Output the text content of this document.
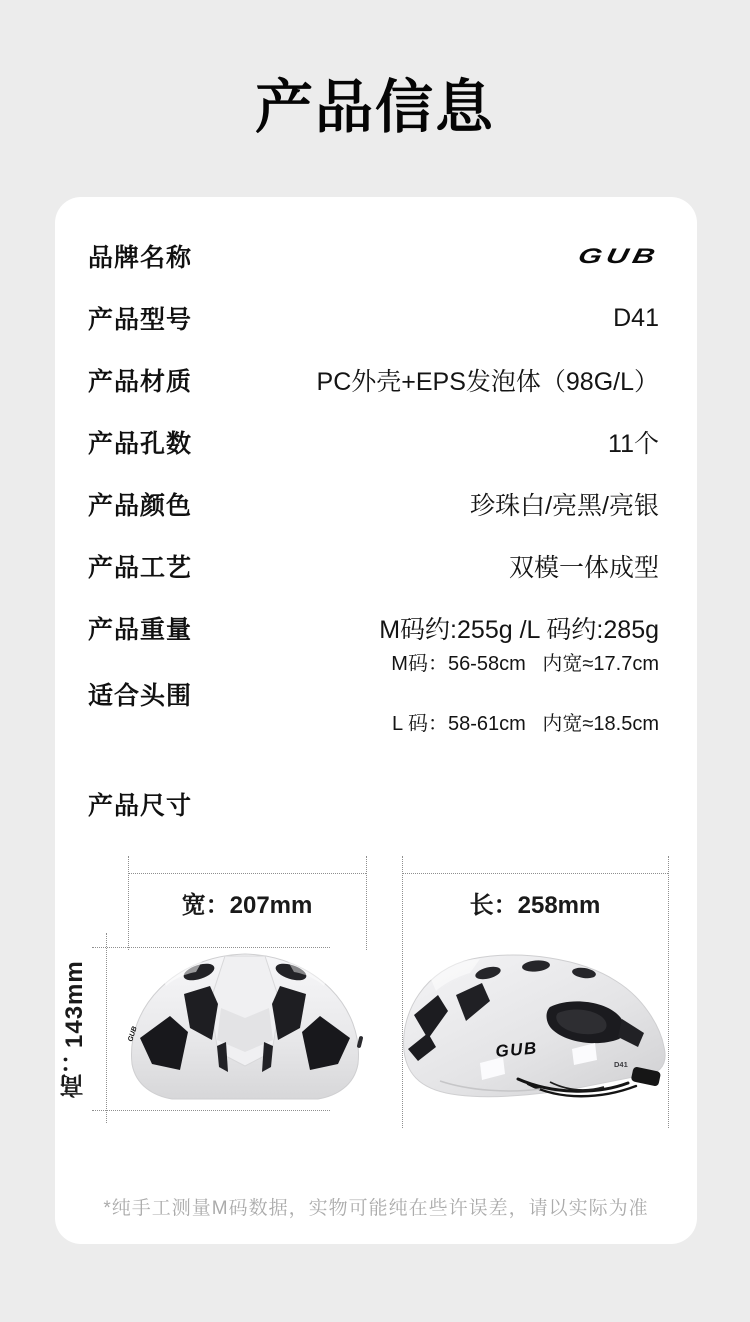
产品信息
品牌名称	GUB
产品型号	D41
产品材质	PC外壳+EPS发泡体（98G/L）
产品孔数	11个
产品颜色	珍珠白/亮黑/亮银
产品工艺	双模一体成型
产品重量	M码约:255g /L 码约:285g
适合头围

M码：56-58cm   内宽≈17.7cm

L 码：58-61cm   内宽≈18.5cm

产品尺寸
宽：207mm
高：143mm
长：258mm
GUB
GUB
D41

*纯手工测量M码数据，实物可能纯在些许误差，请以实际为准
